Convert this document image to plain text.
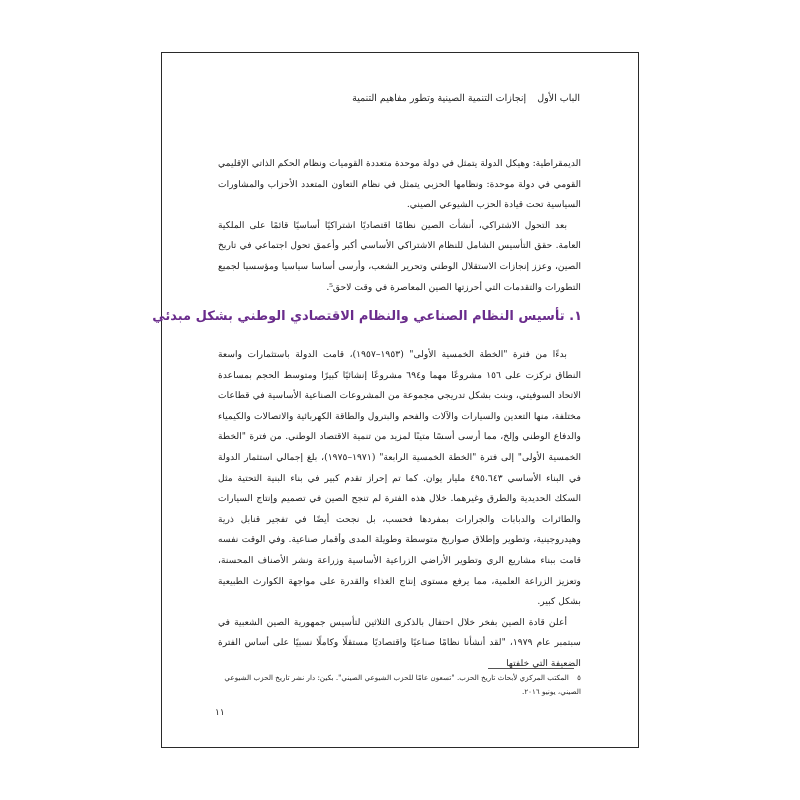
الباب الأول إنجازات التنمية الصينية وتطور مفاهيم التنمية

الديمقراطية: وهيكل الدولة يتمثل في دولة موحدة متعددة القوميات ونظام الحكم الذاتي الإقليمي القومي في دولة موحدة: ونظامها الحزبي يتمثل في نظام التعاون المتعدد الأحزاب والمشاورات السياسية تحت قيادة الحزب الشيوعي الصيني.

بعد التحول الاشتراكي، أنشأت الصين نظامًا اقتصاديًا اشتراكيًا أساسيًا قائمًا على الملكية العامة. حقق التأسيس الشامل للنظام الاشتراكي الأساسي أكبر وأعمق تحول اجتماعي في تاريخ الصين، وعزز إنجازات الاستقلال الوطني وتحرير الشعب، وأرسى أساسا سياسيا ومؤسسيا لجميع التطورات والتقدمات التي أحرزتها الصين المعاصرة في وقت لاحق⁵.

١. تأسيس النظام الصناعي والنظام الاقتصادي الوطني بشكل مبدئي

بدءًا من فترة "الخطة الخمسية الأولى" (١٩٥٣–١٩٥٧)، قامت الدولة باستثمارات واسعة النطاق تركزت على ١٥٦ مشروعًا مهما و٦٩٤ مشروعًا إنشائيًا كبيرًا ومتوسط الحجم بمساعدة الاتحاد السوفيتي، وبنت بشكل تدريجي مجموعة من المشروعات الصناعية الأساسية في قطاعات مختلفة، منها التعدين والسيارات والآلات والفحم والبترول والطاقة الكهربائية والاتصالات والكيمياء والدفاع الوطني وإلخ، مما أرسى أسسًا متينًا لمزيد من تنمية الاقتصاد الوطني. من فترة "الخطة الخمسية الأولى" إلى فترة "الخطة الخمسية الرابعة" (١٩٧١–١٩٧٥)، بلغ إجمالي استثمار الدولة في البناء الأساسي ٤٩٥.٦٤٣ مليار يوان. كما تم إحراز تقدم كبير في بناء البنية التحتية مثل السكك الحديدية والطرق وغيرهما. خلال هذه الفترة لم تنجح الصين في تصميم وإنتاج السيارات والطائرات والدبابات والجرارات بمفردها فحسب، بل نجحت أيضًا في تفجير قنابل ذرية وهيدروجينية، وتطوير وإطلاق صواريخ متوسطة وطويلة المدى وأقمار صناعية. وفي الوقت نفسه قامت ببناء مشاريع الري وتطوير الأراضي الزراعية الأساسية وزراعة ونشر الأصناف المحسنة، وتعزيز الزراعة العلمية، مما يرفع مستوى إنتاج الغذاء والقدرة على مواجهة الكوارث الطبيعية بشكل كبير.

أعلن قادة الصين بفخر خلال احتفال بالذكرى الثلاثين لتأسيس جمهورية الصين الشعبية في سبتمبر عام ١٩٧٩، "لقد أنشأنا نظامًا صناعيًا واقتصاديًا مستقلًا وكاملًا نسبيًا على أساس الفترة الضعيفة التي خلفتها

٥ المكتب المركزي لأبحاث تاريخ الحزب. "تسعون عامًا للحزب الشيوعي الصيني". بكين: دار نشر تاريخ الحزب الشيوعي الصيني، يونيو ٢٠١٦.
١١
